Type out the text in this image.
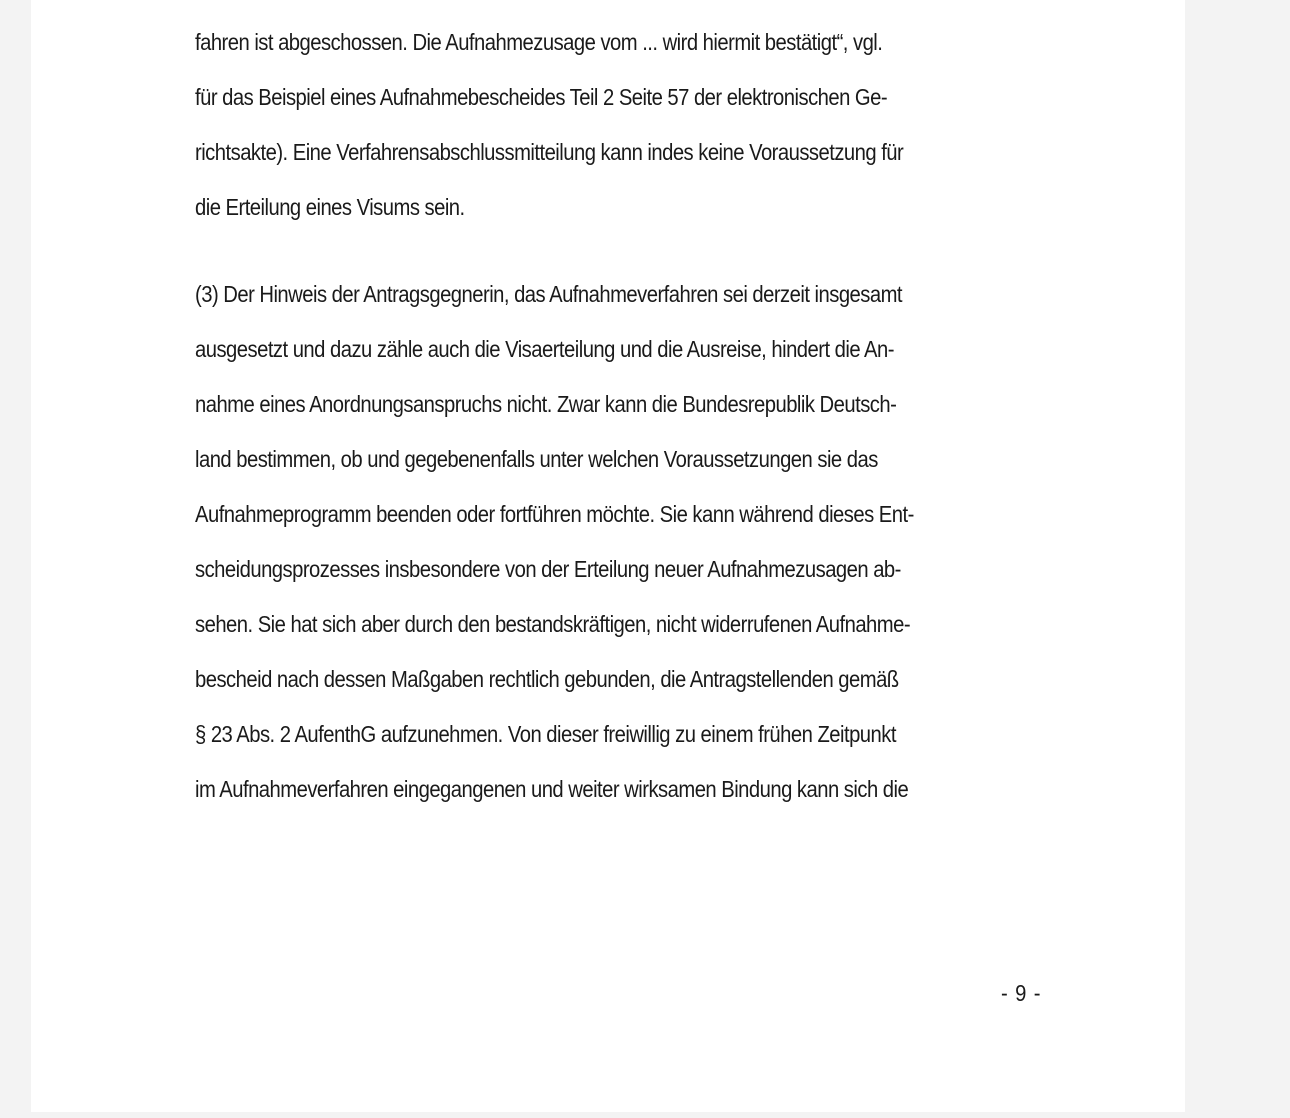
fahren ist abgeschossen. Die Aufnahmezusage vom ... wird hiermit bestätigt“, vgl.
für das Beispiel eines Aufnahmebescheides Teil 2 Seite 57 der elektronischen Ge-
richtsakte). Eine Verfahrensabschlussmitteilung kann indes keine Voraussetzung für
die Erteilung eines Visums sein.
(3) Der Hinweis der Antragsgegnerin, das Aufnahmeverfahren sei derzeit insgesamt
ausgesetzt und dazu zähle auch die Visaerteilung und die Ausreise, hindert die An-
nahme eines Anordnungsanspruchs nicht. Zwar kann die Bundesrepublik Deutsch-
land bestimmen, ob und gegebenenfalls unter welchen Voraussetzungen sie das
Aufnahmeprogramm beenden oder fortführen möchte. Sie kann während dieses Ent-
scheidungsprozesses insbesondere von der Erteilung neuer Aufnahmezusagen ab-
sehen. Sie hat sich aber durch den bestandskräftigen, nicht widerrufenen Aufnahme-
bescheid nach dessen Maßgaben rechtlich gebunden, die Antragstellenden gemäß
§ 23 Abs. 2 AufenthG aufzunehmen. Von dieser freiwillig zu einem frühen Zeitpunkt
im Aufnahmeverfahren eingegangenen und weiter wirksamen Bindung kann sich die
- 9 -
